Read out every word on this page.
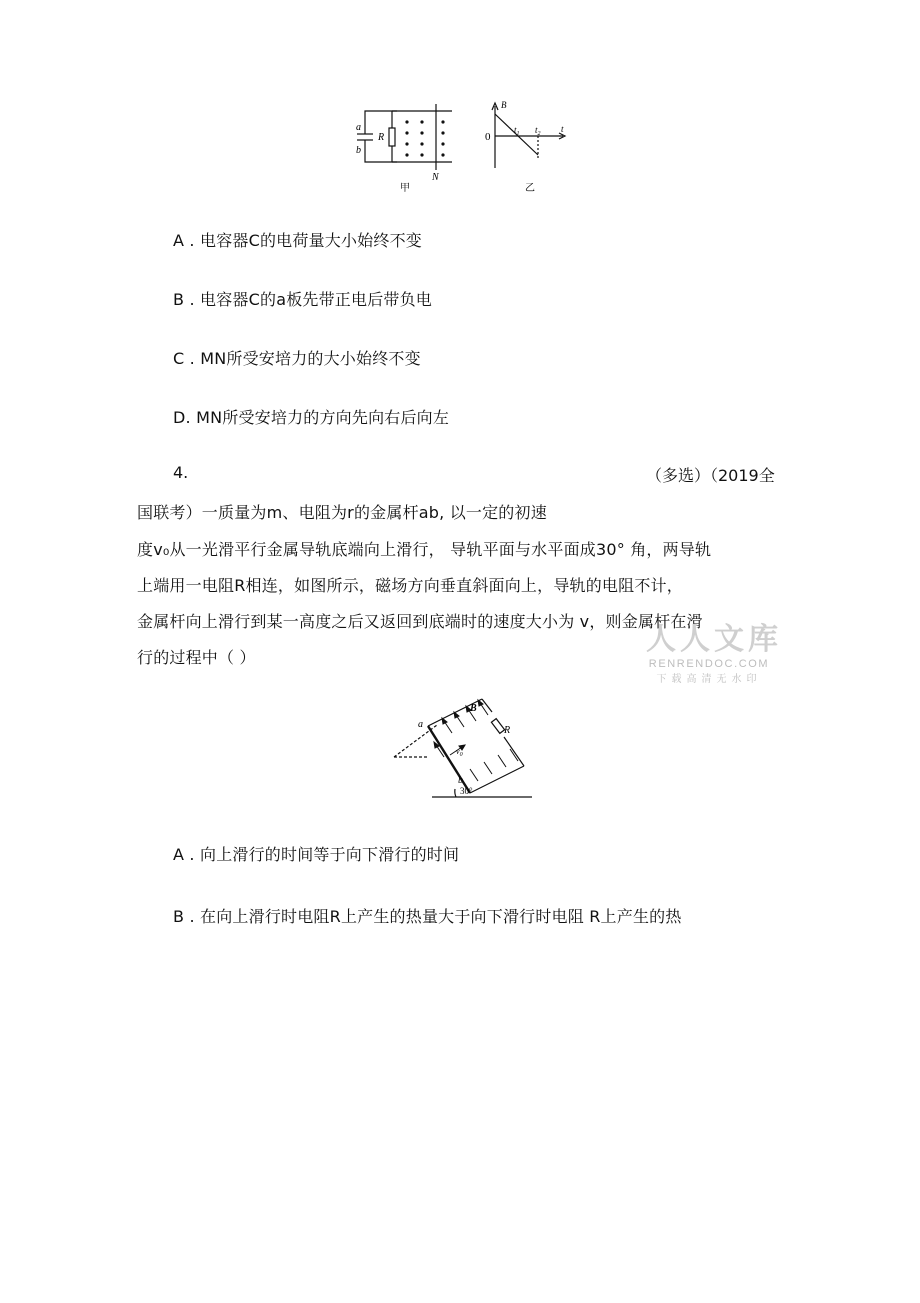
a
b
R
N
甲
B
0
$t_1$ $t_2$ t
乙
A . 电容器C的电荷量大小始终不变
B . 电容器C的a板先带正电后带负电
C . MN所受安培力的大小始终不变
D. MN所受安培力的方向先向右后向左
4.	（多选）（2019全
国联考）一质量为m、电阻为r的金属杆ab, 以一定的初速
度v₀从一光滑平行金属导轨底端向上滑行， 导轨平面与水平面成30° 角，两导轨
上端用一电阻R相连，如图所示，磁场方向垂直斜面向上，导轨的电阻不计，
金属杆向上滑行到某一高度之后又返回到底端时的速度大小为 v，则金属杆在滑
行的过程中（ ）
人人文库
RENRENDOC.COM
下载高清无水印
B
R
a
b
$v_0$
30°
A . 向上滑行的时间等于向下滑行的时间
B . 在向上滑行时电阻R上产生的热量大于向下滑行时电阻 R上产生的热
